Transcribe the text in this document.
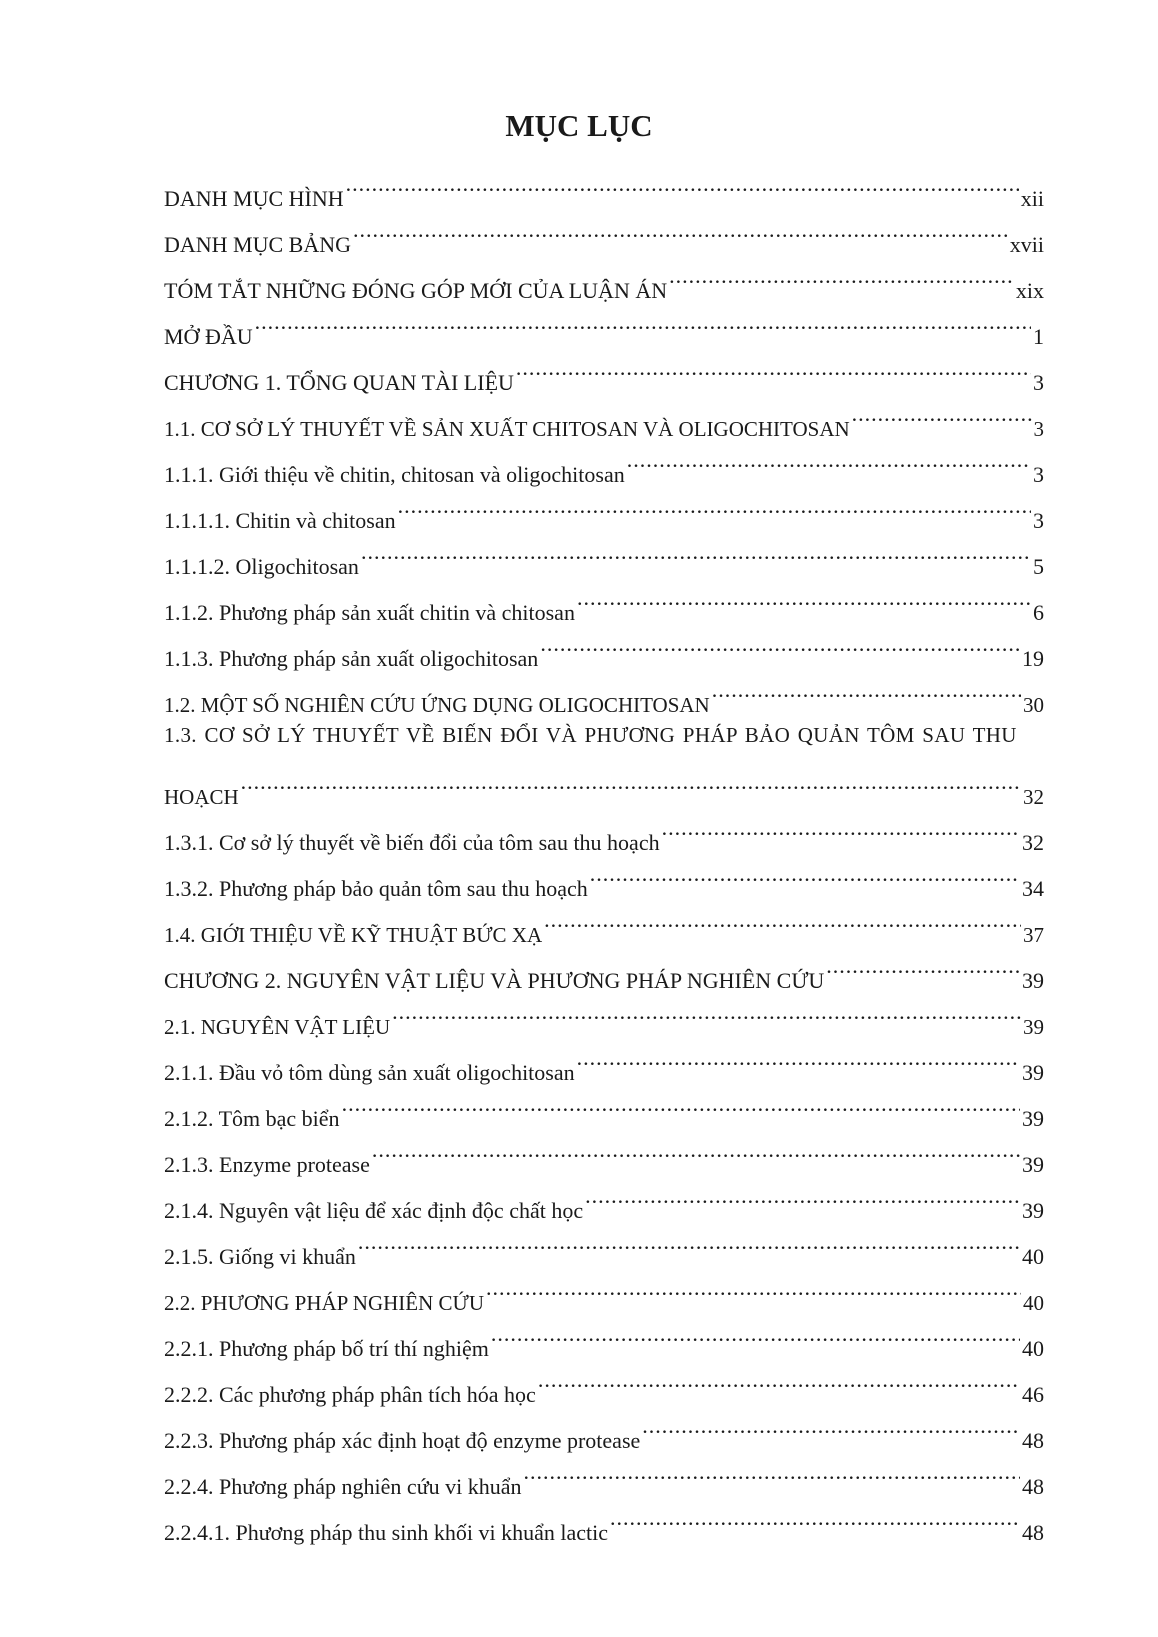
MỤC LỤC
DANH MỤC HÌNH .....	xii
DANH MỤC BẢNG .....	xvii
TÓM TẮT NHỮNG ĐÓNG GÓP MỚI CỦA LUẬN ÁN .....	xix
MỞ ĐẦU .....	1
CHƯƠNG 1. TỔNG QUAN TÀI LIỆU .....	3
1.1. CƠ SỞ LÝ THUYẾT VỀ SẢN XUẤT CHITOSAN VÀ OLIGOCHITOSAN .....	3
1.1.1. Giới thiệu về chitin, chitosan và oligochitosan .....	3
1.1.1.1. Chitin và chitosan .....	3
1.1.1.2. Oligochitosan .....	5
1.1.2. Phương pháp sản xuất chitin và chitosan .....	6
1.1.3. Phương pháp sản xuất oligochitosan .....	19
1.2. MỘT SỐ NGHIÊN CỨU ỨNG DỤNG OLIGOCHITOSAN .....	30
1.3. CƠ SỞ LÝ THUYẾT VỀ BIẾN ĐỔI VÀ PHƯƠNG PHÁP BẢO QUẢN TÔM SAU THU
HOẠCH .....	32
1.3.1. Cơ sở lý thuyết về biến đổi của tôm sau thu hoạch .....	32
1.3.2. Phương pháp bảo quản tôm sau thu hoạch .....	34
1.4. GIỚI THIỆU VỀ KỸ THUẬT BỨC XẠ .....	37
CHƯƠNG 2. NGUYÊN VẬT LIỆU VÀ PHƯƠNG PHÁP NGHIÊN CỨU .....	39
2.1. NGUYÊN VẬT LIỆU .....	39
2.1.1. Đầu vỏ tôm dùng sản xuất oligochitosan .....	39
2.1.2. Tôm bạc biển .....	39
2.1.3. Enzyme protease .....	39
2.1.4. Nguyên vật liệu để xác định độc chất học .....	39
2.1.5. Giống vi khuẩn .....	40
2.2. PHƯƠNG PHÁP NGHIÊN CỨU .....	40
2.2.1. Phương pháp bố trí thí nghiệm .....	40
2.2.2. Các phương pháp phân tích hóa học .....	46
2.2.3. Phương pháp xác định hoạt độ enzyme protease .....	48
2.2.4. Phương pháp nghiên cứu vi khuẩn .....	48
2.2.4.1. Phương pháp thu sinh khối vi khuẩn lactic .....	48
